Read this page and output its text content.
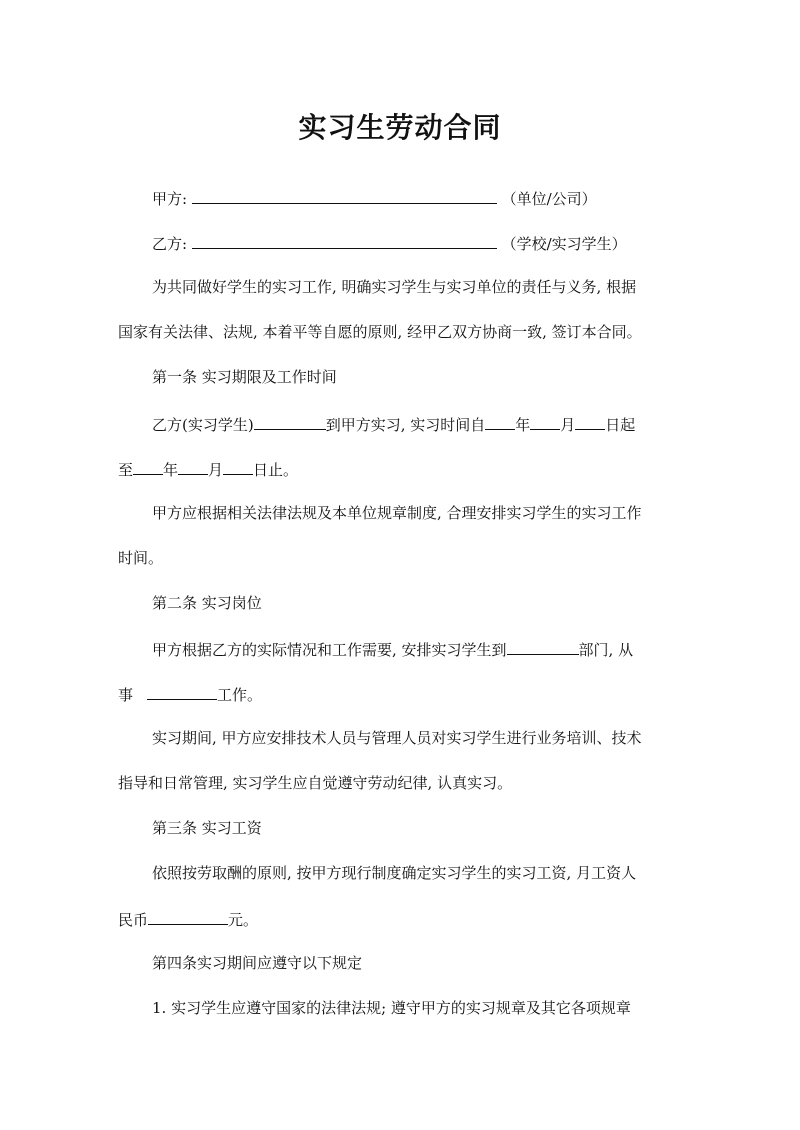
实习生劳动合同
甲方:	（单位/公司）
乙方:	（学校/实习学生）
为共同做好学生的实习工作, 明确实习学生与实习单位的责任与义务, 根据
国家有关法律、法规, 本着平等自愿的原则, 经甲乙双方协商一致, 签订本合同。
第一条 实习期限及工作时间
乙方(实习学生)	到甲方实习, 实习时间自 年 月 日起
至 年 月 日止。
甲方应根据相关法律法规及本单位规章制度, 合理安排实习学生的实习工作
时间。
第二条 实习岗位
甲方根据乙方的实际情况和工作需要, 安排实习学生到	部门, 从
事	工作。
实习期间, 甲方应安排技术人员与管理人员对实习学生进行业务培训、技术
指导和日常管理, 实习学生应自觉遵守劳动纪律, 认真实习。
第三条 实习工资
依照按劳取酬的原则, 按甲方现行制度确定实习学生的实习工资, 月工资人
民币	元。
第四条实习期间应遵守以下规定
1. 实习学生应遵守国家的法律法规; 遵守甲方的实习规章及其它各项规章
